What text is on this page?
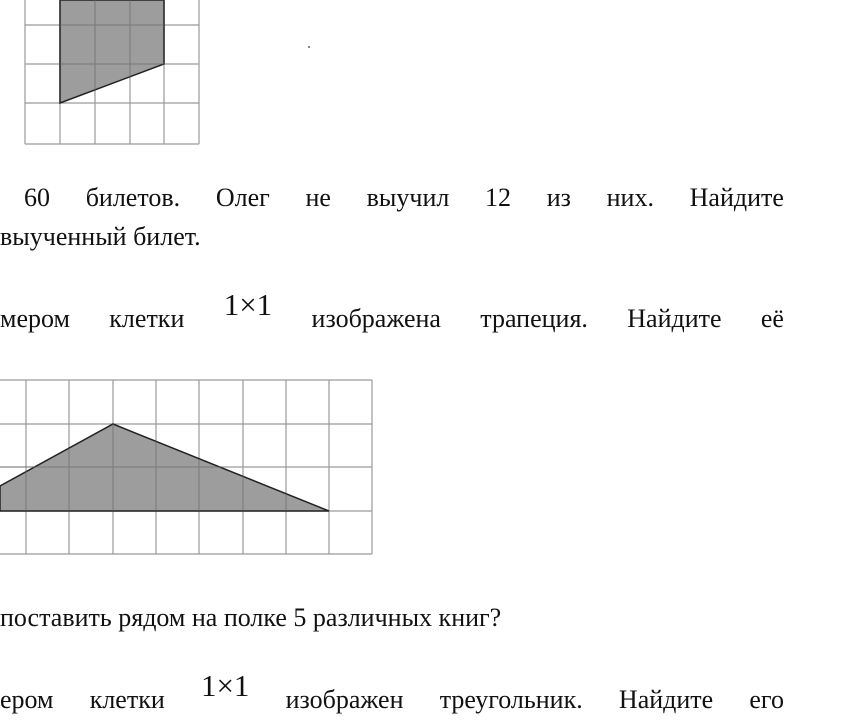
60 билетов. Олег не выучил 12 из них. Найдите
выученный билет.
мером клетки 1×1 изображена трапеция. Найдите её
поставить рядом на полке 5 различных книг?
ером клетки 1×1 изображен треугольник. Найдите его
